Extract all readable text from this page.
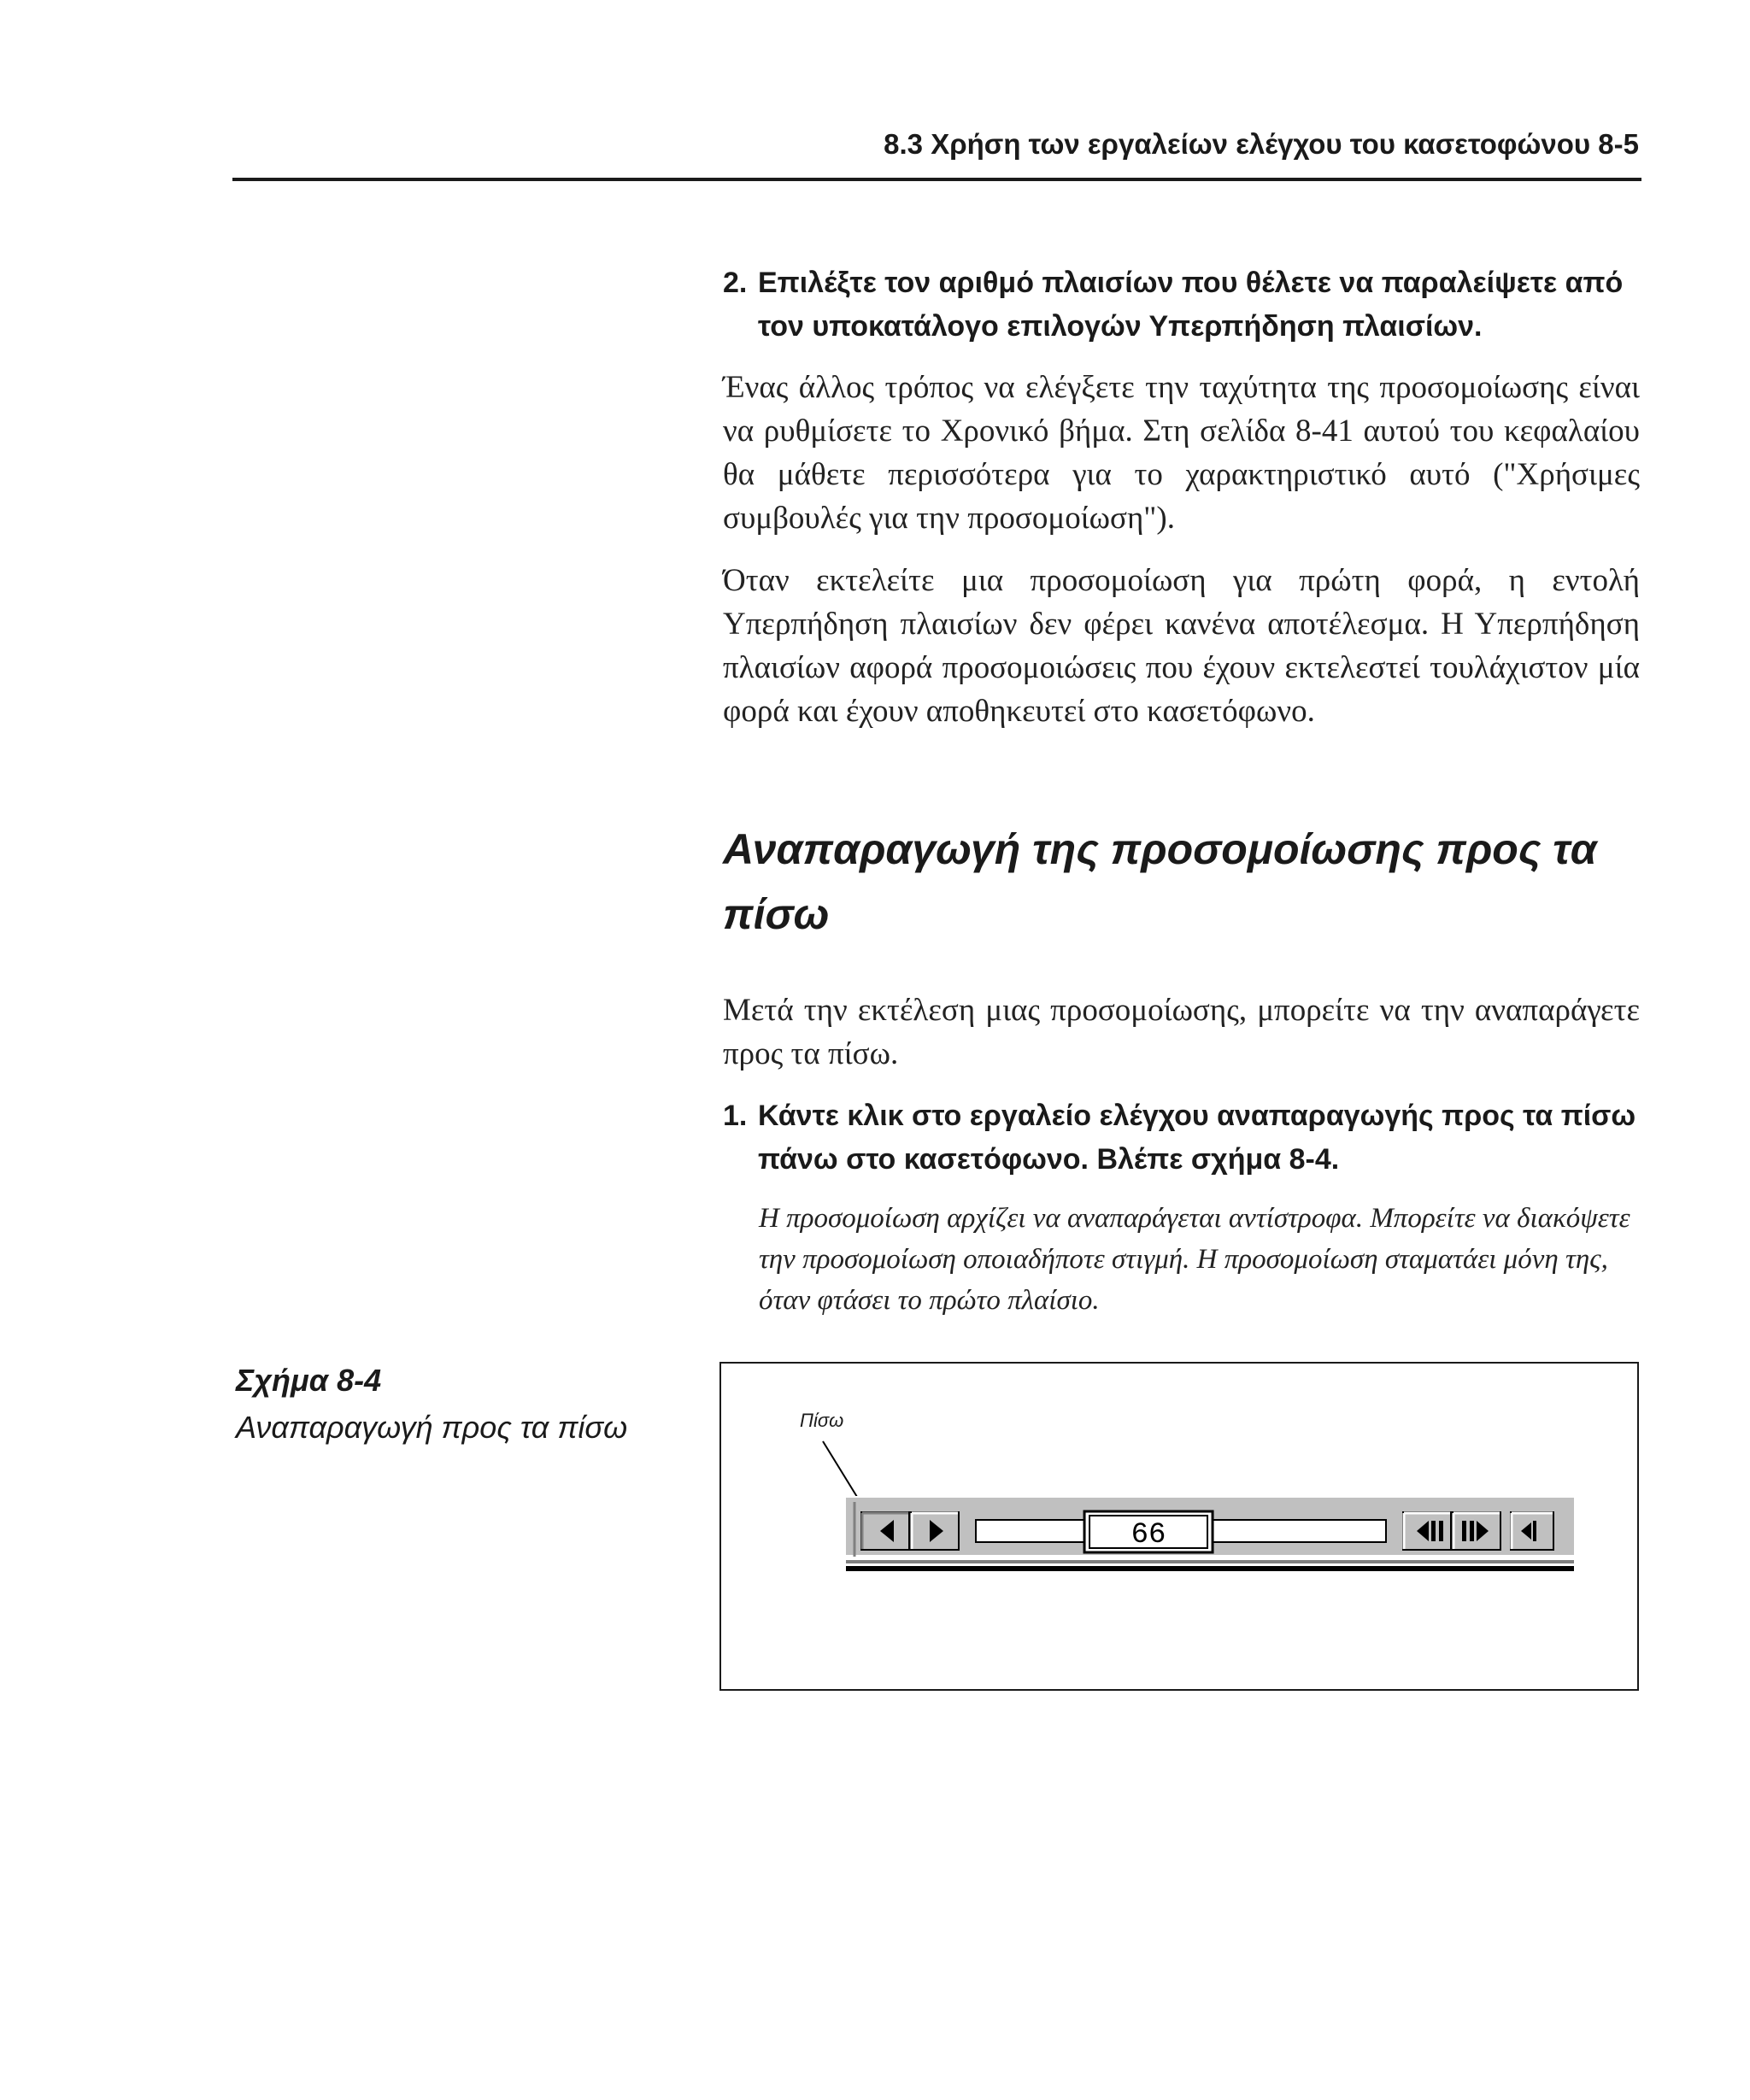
8.3 Χρήση των εργαλείων ελέγχου του κασετοφώνου 8-5
2. Επιλέξτε τον αριθμό πλαισίων που θέλετε να παραλείψετε από τον υποκατάλογο επιλογών Υπερπήδηση πλαισίων.
Ένας άλλος τρόπος να ελέγξετε την ταχύτητα της προσομοίωσης είναι να ρυθμίσετε το Χρονικό βήμα. Στη σελίδα 8-41 αυτού του κεφαλαίου θα μάθετε περισσότερα για το χαρακτηριστικό αυτό ("Χρήσιμες συμβουλές για την προσομοίωση").
Όταν εκτελείτε μια προσομοίωση για πρώτη φορά, η εντολή Υπερπήδηση πλαισίων δεν φέρει κανένα αποτέλεσμα. Η Υπερπήδηση πλαισίων αφορά προσομοιώσεις που έχουν εκτελεστεί τουλάχιστον μία φορά και έχουν αποθηκευτεί στο κασετόφωνο.
Αναπαραγωγή της προσομοίωσης προς τα πίσω
Μετά την εκτέλεση μιας προσομοίωσης, μπορείτε να την αναπαράγετε προς τα πίσω.
1. Κάντε κλικ στο εργαλείο ελέγχου αναπαραγωγής προς τα πίσω πάνω στο κασετόφωνο. Βλέπε σχήμα 8-4.
Η προσομοίωση αρχίζει να αναπαράγεται αντίστροφα. Μπορείτε να διακόψετε την προσομοίωση οποιαδήποτε στιγμή. Η προσομοίωση σταματάει μόνη της, όταν φτάσει το πρώτο πλαίσιο.
Σχήμα 8-4
Αναπαραγωγή προς τα πίσω	Πίσω
66
